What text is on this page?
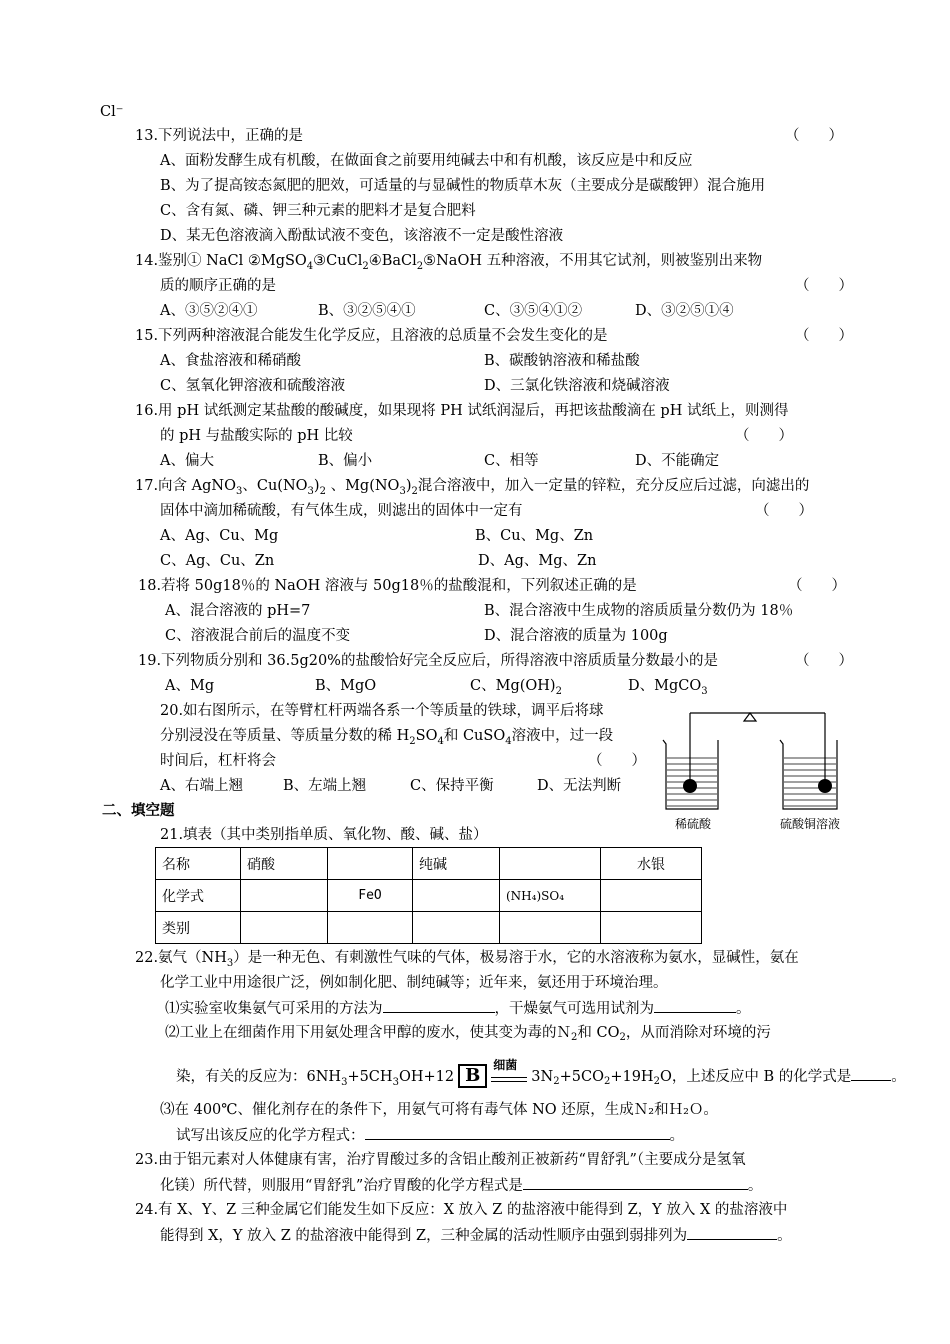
Cl⁻
13.下列说法中，正确的是	（　　）
A、面粉发酵生成有机酸，在做面食之前要用纯碱去中和有机酸，该反应是中和反应
B、为了提高铵态氮肥的肥效，可适量的与显碱性的物质草木灰（主要成分是碳酸钾）混合施用
C、含有氮、磷、钾三种元素的肥料才是复合肥料
D、某无色溶液滴入酚酞试液不变色，该溶液不一定是酸性溶液
14.鉴别① NaCl ②MgSO$_4$③CuCl$_2$④BaCl$_2$⑤NaOH 五种溶液，不用其它试剂，则被鉴别出来物
质的顺序正确的是	（　　）
A、③⑤②④①	B、③②⑤④①	C、③⑤④①②	D、③②⑤①④
15.下列两种溶液混合能发生化学反应，且溶液的总质量不会发生变化的是	（　　）
A、食盐溶液和稀硝酸	B、碳酸钠溶液和稀盐酸
C、氢氧化钾溶液和硫酸溶液	D、三氯化铁溶液和烧碱溶液
16.用 pH 试纸测定某盐酸的酸碱度，如果现将 PH 试纸润湿后，再把该盐酸滴在 pH 试纸上，则测得
的 pH 与盐酸实际的 pH 比较	（　　）
A、偏大	B、偏小	C、相等	D、不能确定
17.向含 AgNO$_3$、$Cu(NO_3)_2$ 、$Mg(NO_3)_2$混合溶液中，加入一定量的锌粒，充分反应后过滤，向滤出的
固体中滴加稀硫酸，有气体生成，则滤出的固体中一定有	（　　）
A、Ag、Cu、Mg	B、Cu、Mg、Zn
C、Ag、Cu、Zn	D、Ag、Mg、Zn
18.若将 50g18％的 NaOH 溶液与 50g18％的盐酸混和，下列叙述正确的是	（　　）
A、混合溶液的 pH=7	B、混合溶液中生成物的溶质质量分数仍为 18％
C、溶液混合前后的温度不变	D、混合溶液的质量为 100g
19.下列物质分别和 36.5g20%的盐酸恰好完全反应后，所得溶液中溶质质量分数最小的是	（　　）
A、Mg	B、MgO	C、$Mg(OH)_2$	D、MgCO$_3$
20.如右图所示，在等臂杠杆两端各系一个等质量的铁球，调平后将球
分别浸没在等质量、等质量分数的稀 $H_2SO_4$和 CuSO$_4$溶液中，过一段
时间后，杠杆将会	（　　）
A、右端上翘	B、左端上翘	C、保持平衡	D、无法判断
稀硫酸	硫酸铜溶液
二、填空题
21.填表（其中类别指单质、氧化物、酸、碱、盐）
名称	硝酸		纯碱		水银
化学式		FeO		(NH₄)SO₄	
类别					
22.氨气$(NH_3)$是一种无色、有刺激性气味的气体，极易溶于水，它的水溶液称为氨水，显碱性，氨在
化学工业中用途很广泛，例如制化肥、制纯碱等；近年来，氨还用于环境治理。
⑴实验室收集氨气可采用的方法为	，干燥氨气可选用试剂为	。
⑵工业上在细菌作用下用氨处理含甲醇的废水，使其变为毒的Ｎ$_2$和 $CO_2$，从而消除对环境的污
染，有关的反应为：$6NH_3+5CH_3OH+12$ B 细菌
$3N_2+5CO_2+19H_2O$，上述反应中 B 的化学式是	。
⑶在 400℃、催化剂存在的条件下，用氨气可将有毒气体 NO 还原，生成Ｎ₂和Ｈ₂Ｏ。
试写出该反应的化学方程式：	。
23.由于铝元素对人体健康有害，治疗胃酸过多的含铝止酸剂正被新药“胃舒乳”（主要成分是氢氧
化镁）所代替，则服用“胃舒乳”治疗胃酸的化学方程式是	。
24.有 X、Y、Z 三种金属它们能发生如下反应：X 放入 Z 的盐溶液中能得到 Z，Y 放入 X 的盐溶液中
能得到 X，Y 放入 Z 的盐溶液中能得到 Z，三种金属的活动性顺序由强到弱排列为	。
